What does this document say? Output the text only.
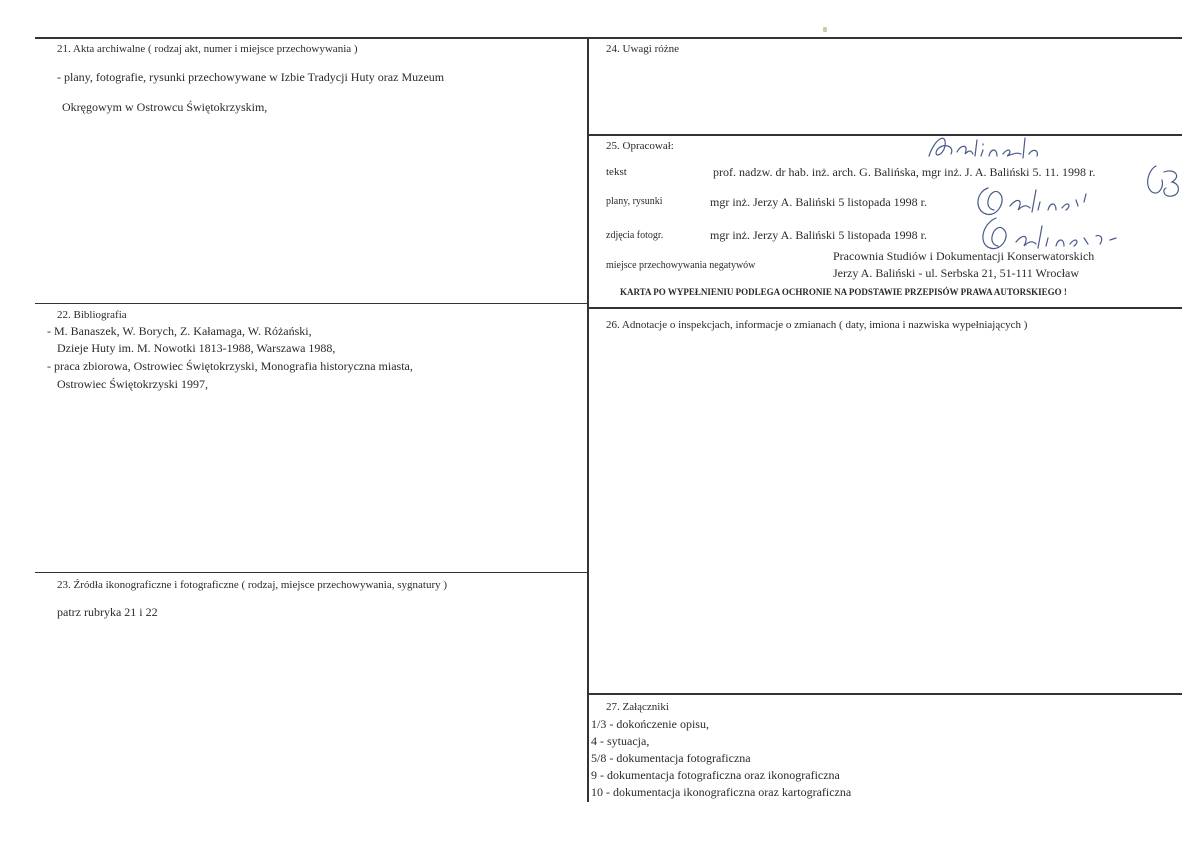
21. Akta archiwalne ( rodzaj akt, numer i miejsce przechowywania )
- plany, fotografie, rysunki przechowywane w Izbie Tradycji Huty oraz Muzeum
Okręgowym w Ostrowcu Świętokrzyskim,
22. Bibliografia
- M. Banaszek, W. Borych, Z. Kałamaga, W. Różański,
Dzieje Huty im. M. Nowotki 1813-1988, Warszawa 1988,
- praca zbiorowa, Ostrowiec Świętokrzyski, Monografia historyczna miasta,
Ostrowiec Świętokrzyski 1997,
23. Źródła ikonograficzne i fotograficzne ( rodzaj, miejsce przechowywania, sygnatury )
patrz rubryka 21 i 22
24. Uwagi różne
25. Opracował:
tekst	prof. nadzw. dr hab. inż. arch. G. Balińska, mgr inż. J. A. Baliński 5. 11. 1998 r.
plany, rysunki	mgr inż. Jerzy A. Baliński 5 listopada 1998 r.
zdjęcia fotogr.	mgr inż. Jerzy A. Baliński 5 listopada 1998 r.
miejsce przechowywania negatywów
Pracownia Studiów i Dokumentacji Konserwatorskich
Jerzy A. Baliński - ul. Serbska 21, 51-111 Wrocław
KARTA PO WYPEŁNIENIU PODLEGA OCHRONIE NA PODSTAWIE PRZEPISÓW PRAWA AUTORSKIEGO !
26. Adnotacje o inspekcjach, informacje o zmianach ( daty, imiona i nazwiska wypełniających )
27. Załączniki
1/3 - dokończenie opisu,
4 - sytuacja,
5/8 - dokumentacja fotograficzna
9 - dokumentacja fotograficzna oraz ikonograficzna
10 - dokumentacja ikonograficzna oraz kartograficzna
